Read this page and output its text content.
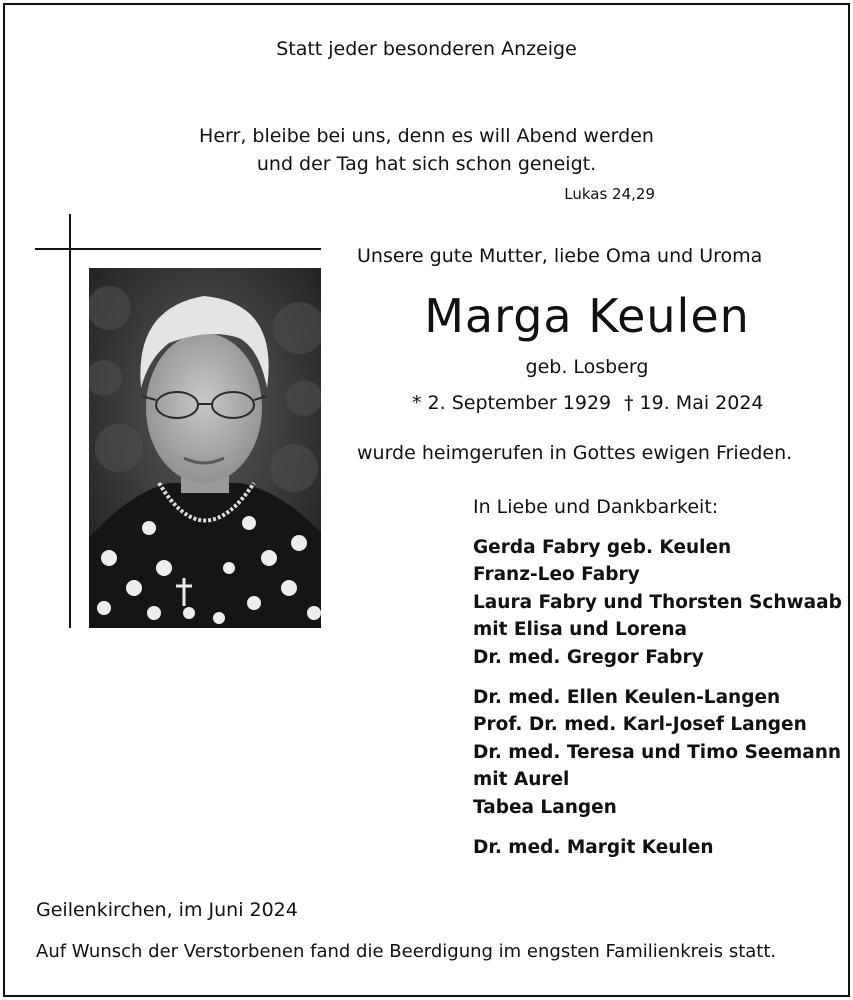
Statt jeder besonderen Anzeige
Herr, bleibe bei uns, denn es will Abend werden
und der Tag hat sich schon geneigt.
Lukas 24,29
Unsere gute Mutter, liebe Oma und Uroma
Marga Keulen
geb. Losberg
* 2. September 1929 † 19. Mai 2024
wurde heimgerufen in Gottes ewigen Frieden.
In Liebe und Dankbarkeit:
Gerda Fabry geb. Keulen
Franz-Leo Fabry
Laura Fabry und Thorsten Schwaab
mit Elisa und Lorena
Dr. med. Gregor Fabry
Dr. med. Ellen Keulen-Langen
Prof. Dr. med. Karl-Josef Langen
Dr. med. Teresa und Timo Seemann
mit Aurel
Tabea Langen
Dr. med. Margit Keulen
Geilenkirchen, im Juni 2024
Auf Wunsch der Verstorbenen fand die Beerdigung im engsten Familienkreis statt.
